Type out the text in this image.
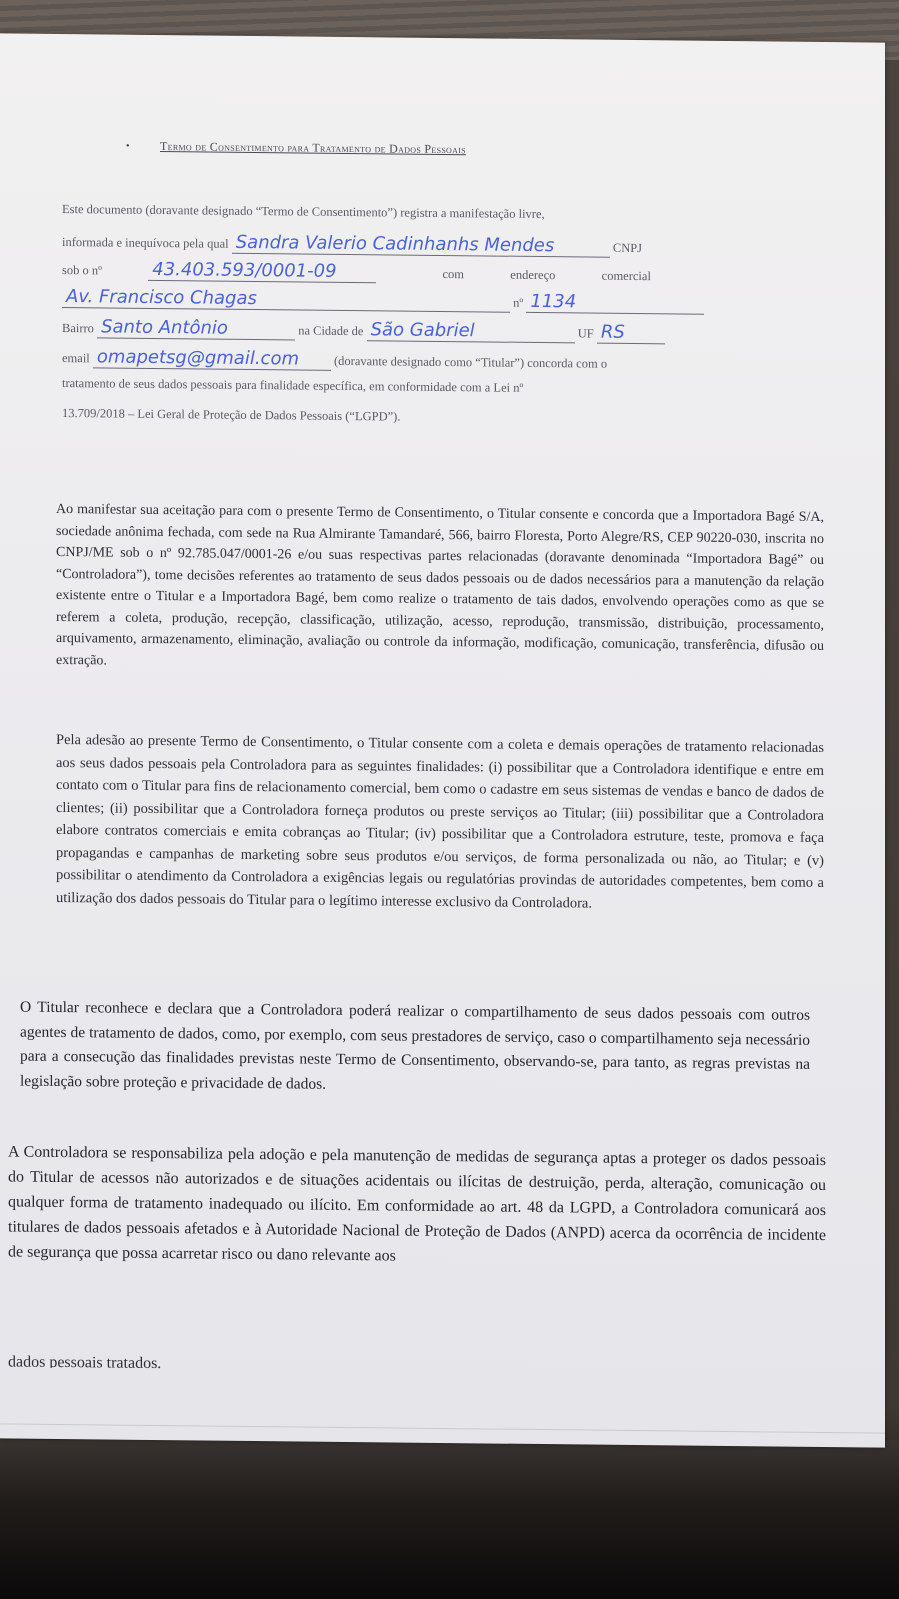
•	Termo de Consentimento para Tratamento de Dados Pessoais
Este documento (doravante designado “Termo de Consentimento”) registra a manifestação livre,
informada e inequívoca pela qual Sandra Valerio Cadinhanhs Mendes	CNPJ
sob o nº	43.403.593/0001-09	com	endereço	comercial
Av. Francisco Chagas	nº 1134
Bairro Santo Antônio	na Cidade de São Gabriel	UF RS
email omapetsg@gmail.com	(doravante designado como “Titular”) concorda com o
tratamento de seus dados pessoais para finalidade específica, em conformidade com a Lei nº
13.709/2018 – Lei Geral de Proteção de Dados Pessoais (“LGPD”).
Ao manifestar sua aceitação para com o presente Termo de Consentimento, o Titular consente e concorda que a Importadora Bagé S/A, sociedade anônima fechada, com sede na Rua Almirante Tamandaré, 566, bairro Floresta, Porto Alegre/RS, CEP 90220-030, inscrita no CNPJ/ME sob o nº 92.785.047/0001-26 e/ou suas respectivas partes relacionadas (doravante denominada “Importadora Bagé” ou “Controladora”), tome decisões referentes ao tratamento de seus dados pessoais ou de dados necessários para a manutenção da relação existente entre o Titular e a Importadora Bagé, bem como realize o tratamento de tais dados, envolvendo operações como as que se referem a coleta, produção, recepção, classificação, utilização, acesso, reprodução, transmissão, distribuição, processamento, arquivamento, armazenamento, eliminação, avaliação ou controle da informação, modificação, comunicação, transferência, difusão ou extração.
Pela adesão ao presente Termo de Consentimento, o Titular consente com a coleta e demais operações de tratamento relacionadas aos seus dados pessoais pela Controladora para as seguintes finalidades: (i) possibilitar que a Controladora identifique e entre em contato com o Titular para fins de relacionamento comercial, bem como o cadastre em seus sistemas de vendas e banco de dados de clientes; (ii) possibilitar que a Controladora forneça produtos ou preste serviços ao Titular; (iii) possibilitar que a Controladora elabore contratos comerciais e emita cobranças ao Titular; (iv) possibilitar que a Controladora estruture, teste, promova e faça propagandas e campanhas de marketing sobre seus produtos e/ou serviços, de forma personalizada ou não, ao Titular; e (v) possibilitar o atendimento da Controladora a exigências legais ou regulatórias provindas de autoridades competentes, bem como a utilização dos dados pessoais do Titular para o legítimo interesse exclusivo da Controladora.
O Titular reconhece e declara que a Controladora poderá realizar o compartilhamento de seus dados pessoais com outros agentes de tratamento de dados, como, por exemplo, com seus prestadores de serviço, caso o compartilhamento seja necessário para a consecução das finalidades previstas neste Termo de Consentimento, observando-se, para tanto, as regras previstas na legislação sobre proteção e privacidade de dados.
A Controladora se responsabiliza pela adoção e pela manutenção de medidas de segurança aptas a proteger os dados pessoais do Titular de acessos não autorizados e de situações acidentais ou ilícitas de destruição, perda, alteração, comunicação ou qualquer forma de tratamento inadequado ou ilícito. Em conformidade ao art. 48 da LGPD, a Controladora comunicará aos titulares de dados pessoais afetados e à Autoridade Nacional de Proteção de Dados (ANPD) acerca da ocorrência de incidente de segurança que possa acarretar risco ou dano relevante aos
dados pessoais tratados.
